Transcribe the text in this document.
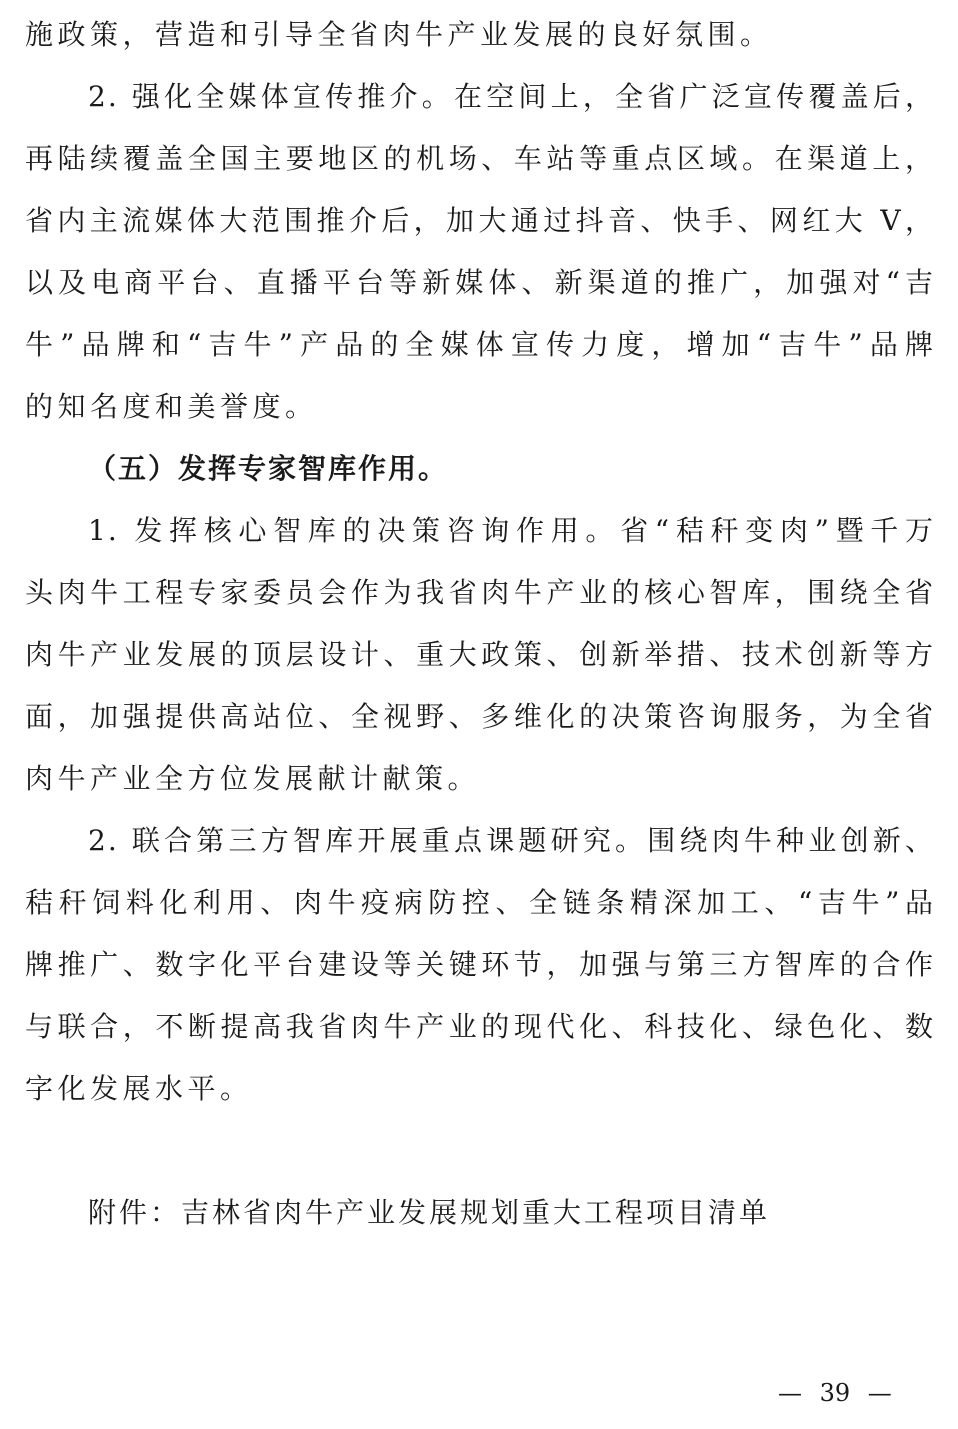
施政策，营造和引导全省肉牛产业发展的良好氛围。
2. 强化全媒体宣传推介。在空间上，全省广泛宣传覆盖后，
再陆续覆盖全国主要地区的机场、车站等重点区域。在渠道上，
省内主流媒体大范围推介后，加大通过抖音、快手、网红大 V，
以及电商平台、直播平台等新媒体、新渠道的推广，加强对“吉
牛”品牌和“吉牛”产品的全媒体宣传力度，增加“吉牛”品牌
的知名度和美誉度。
（五）发挥专家智库作用。
1. 发挥核心智库的决策咨询作用。省“秸秆变肉”暨千万
头肉牛工程专家委员会作为我省肉牛产业的核心智库，围绕全省
肉牛产业发展的顶层设计、重大政策、创新举措、技术创新等方
面，加强提供高站位、全视野、多维化的决策咨询服务，为全省
肉牛产业全方位发展献计献策。
2. 联合第三方智库开展重点课题研究。围绕肉牛种业创新、
秸秆饲料化利用、肉牛疫病防控、全链条精深加工、“吉牛”品
牌推广、数字化平台建设等关键环节，加强与第三方智库的合作
与联合，不断提高我省肉牛产业的现代化、科技化、绿色化、数
字化发展水平。
附件：吉林省肉牛产业发展规划重大工程项目清单
— 39 —
